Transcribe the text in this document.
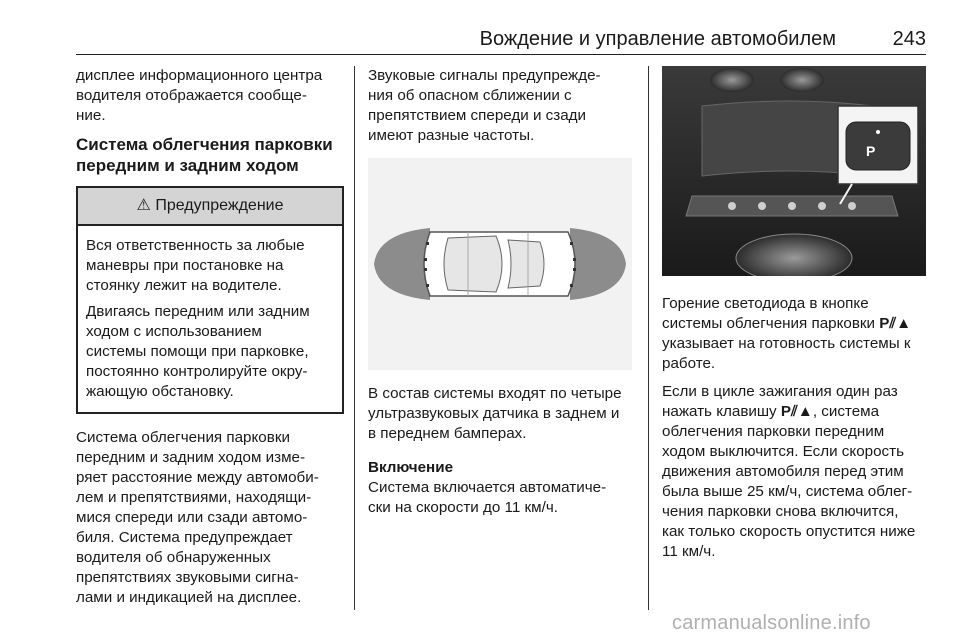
Вождение и управление автомобилем	243

дисплее информационного центра
водителя отображается сообще-
ние.

Система облегчения парковки
передним и задним ходом
⚠ Предупреждение

Вся ответственность за любые
маневры при постановке на
стоянку лежит на водителе.

Двигаясь передним или задним
ходом с использованием
системы помощи при парковке,
постоянно контролируйте окру-
жающую обстановку.

Система облегчения парковки
передним и задним ходом изме-
ряет расстояние между автомоби-
лем и препятствиями, находящи-
мися спереди или сзади автомо-
биля. Система предупреждает
водителя об обнаруженных
препятствиях звуковыми сигна-
лами и индикацией на дисплее.

Звуковые сигналы предупрежде-
ния об опасном сближении с
препятствием спереди и сзади
имеют разные частоты.

В состав системы входят по четыре
ультразвуковых датчика в заднем и
в переднем бамперах.

Включение

Система включается автоматиче-
ски на скорости до 11 км/ч.

P

Горение светодиода в кнопке
системы облегчения парковки P⫽▲
указывает на готовность системы к
работе.

Если в цикле зажигания один раз
нажать клавишу P⫽▲, система
облегчения парковки передним
ходом выключится. Если скорость
движения автомобиля перед этим
была выше 25 км/ч, система облег-
чения парковки снова включится,
как только скорость опустится ниже
11 км/ч.

carmanualsonline.info
